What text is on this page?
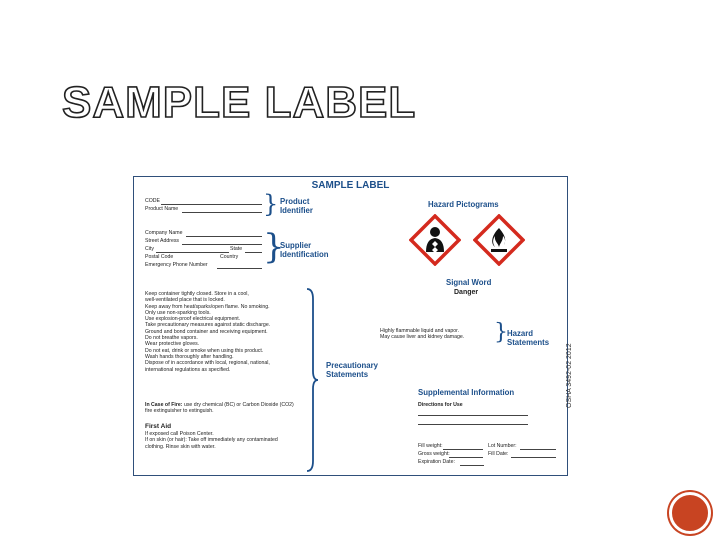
SAMPLE LABEL
SAMPLE LABEL
CODE
Product Name	} Product
Identifier
Company Name
Street Address
City	State
Postal Code	Country
Emergency Phone Number }
Supplier
Identification
Keep container tightly closed. Store in a cool,
well-ventilated place that is locked.
Keep away from heat/sparks/open flame. No smoking.
Only use non-sparking tools.
Use explosion-proof electrical equipment.
Take precautionary measures against static discharge.
Ground and bond container and receiving equipment.
Do not breathe vapors.
Wear protective gloves.
Do not eat, drink or smoke when using this product.
Wash hands thoroughly after handling.
Dispose of in accordance with local, regional, national,
international regulations as specified.
In Case of Fire: use dry chemical (BC) or Carbon Dioxide (CO2)
fire extinguisher to extinguish.
First Aid
If exposed call Poison Center.
If on skin (or hair): Take off immediately any contaminated
clothing. Rinse skin with water.
Precautionary
Statements
Hazard Pictograms
Signal Word
Danger
Highly flammable liquid and vapor.
May cause liver and kidney damage. } Hazard
Statements
Supplemental Information
Directions for Use
Fill weight:	Lot Number:
Gross weight:	Fill Date:
Expiration Date:
OSHA 3492-02 2012
